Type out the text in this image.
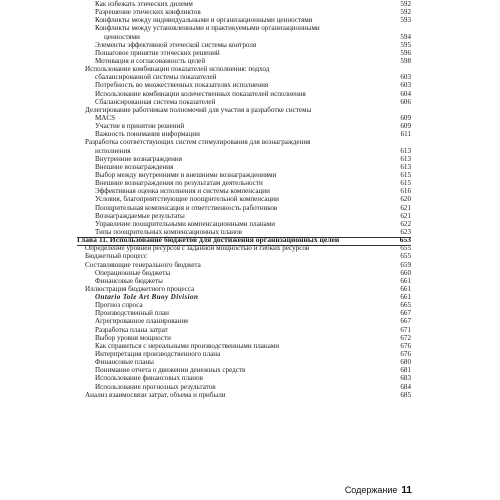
Как избежать этических дилемм	592
Разрешение этических конфликтов	592
Конфликты между индивидуальными и организационными ценностями	593
Конфликты между установленными и практикуемыми организационными
ценностями	594
Элементы эффективной этической системы контроля	595
Пошаговое принятие этических решений	596
Мотивация и согласованность целей	598
Использование комбинации показателей исполнения: подход
сбалансированной системы показателей	603
Потребность во множественных показателях исполнения	603
Использование комбинации количественных показателей исполнения	604
Сбалансированная система показателей	606
Делегирование работникам полномочий для участия в разработке системы
MACS	609
Участие в принятии решений	609
Важность понимания информации	611
Разработка соответствующих систем стимулирования для вознаграждения
исполнения	613
Внутренние вознаграждения	613
Внешние вознаграждения	613
Выбор между внутренними и внешними вознаграждениями	615
Внешние вознаграждения по результатам деятельности	615
Эффективная оценка исполнения и системы компенсации	616
Условия, благоприятствующие поощрительной компенсации	620
Поощрительная компенсация и ответственность работников	621
Вознаграждаемые результаты	621
Управление поощрительными компенсационными планами	622
Типы поощрительных компенсационных планов	623
Глава 11. Использование бюджетов для достижения организационных целей	653
Определение уровней ресурсов с заданной мощностью и гибких ресурсов	655
Бюджетный процесс	655
Составляющие генерального бюджета	659
Операционные бюджеты	660
Финансовые бюджеты	661
Иллюстрация бюджетного процесса	661
Ontario Tole Art Buoy Division	661
Прогноз спроса	665
Производственный план	667
Агрегированное планирование	667
Разработка плана затрат	671
Выбор уровня мощности	672
Как справиться с нереальными производственными планами	676
Интерпретация производственного плана	676
Финансовые планы	680
Понимание отчета о движении денежных средств	681
Использование финансовых планов	683
Использование прогнозных результатов	684
Анализ взаимосвязи затрат, объема и прибыли	685
Содержание 11
